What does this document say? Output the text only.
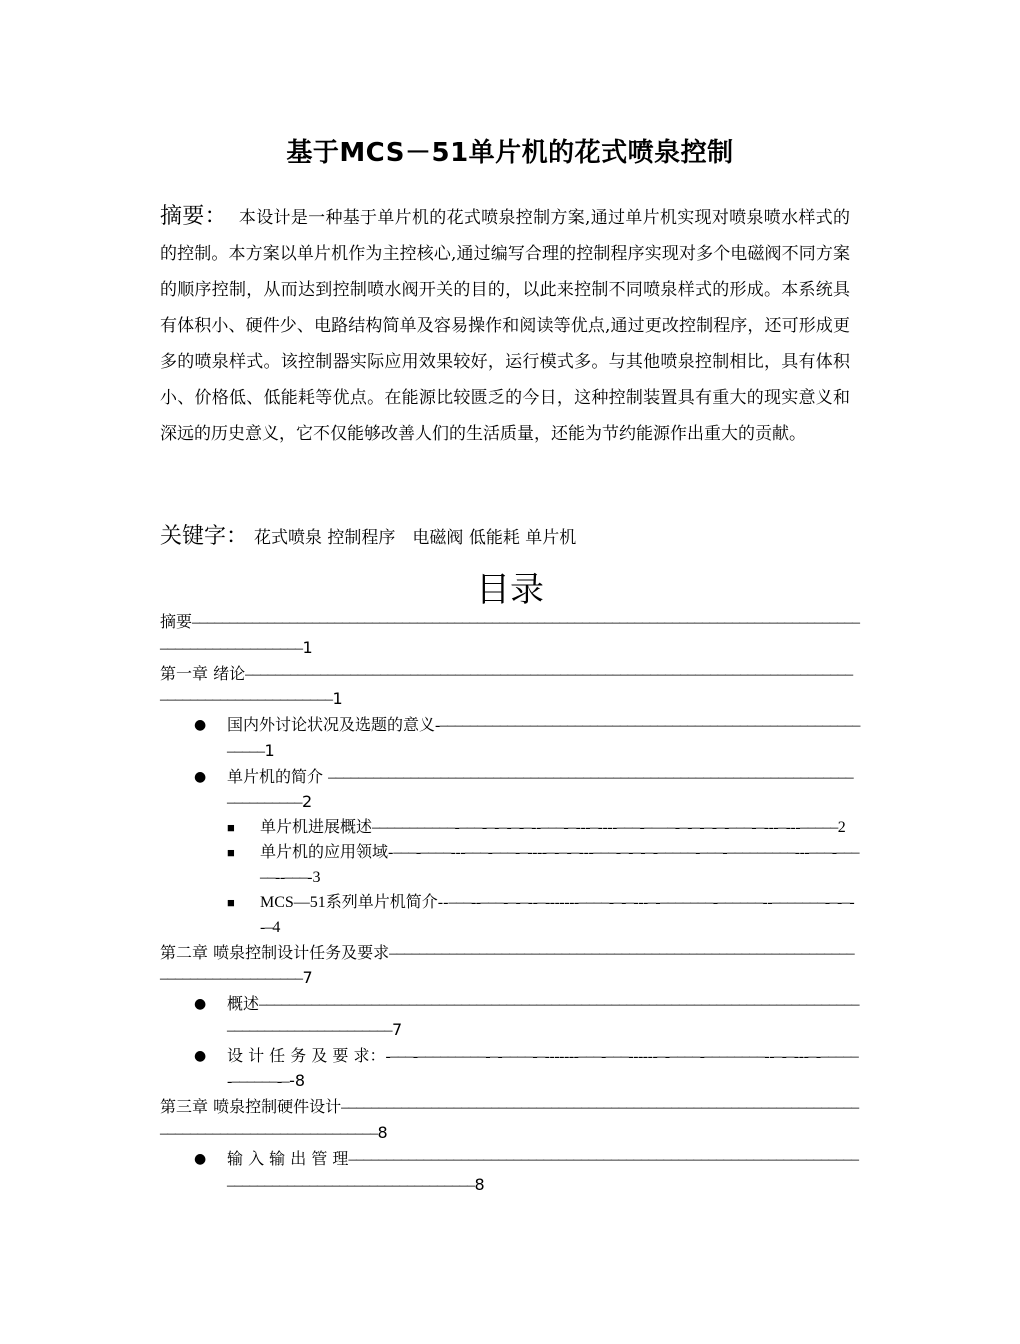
基于MCS－51单片机的花式喷泉控制
摘要： 本设计是一种基于单片机的花式喷泉控制方案,通过单片机实现对喷泉喷水样式的的控制。本方案以单片机作为主控核心,通过编写合理的控制程序实现对多个电磁阀不同方案的顺序控制，从而达到控制喷水阀开关的目的，以此来控制不同喷泉样式的形成。本系统具有体积小、硬件少、电路结构简单及容易操作和阅读等优点,通过更改控制程序，还可形成更多的喷泉样式。该控制器实际应用效果较好，运行模式多。与其他喷泉控制相比，具有体积小、价格低、低能耗等优点。在能源比较匮乏的今日，这种控制装置具有重大的现实意义和深远的历史意义，它不仅能够改善人们的生活质量，还能为节约能源作出重大的贡献。
关键字： 花式喷泉 控制程序　电磁阀 低能耗 单片机
目录
摘要––––––––––––––––––––––––––––––––––––––––––––––––––––––––––––––––––––––––––––––––––––––––––––––––––––––––––––1
第一章 绪论––––––––––––––––––––––––––––––––––––––––––––––––––––––––––––––––––––––––––––––––––––––––––––––––––––––––1
● 国内外讨论状况及选题的意义-–––––––––––––––––––––––––––––––––––––––––––––––––––––––––––––1
● 单片机的简介 ––––––––––––––––––––––––––––––––––––––––––––––––––––––––––––––––––––––––––––––––2
■ 单片机进展概述–––––––––––-–––-–-–-–-–--–––-–---–----–––-–—–-–-–-–-–-–––-–---–---–––––2
■ 单片机的应用领域-–––-––––---–––-–––-–----–-–-–---–––-–-–-–-–––––-–––-–––––––––---–––-–––––--–––-3
■ MCS—51系列单片机简介--–––--–––-–-–--–-------––––-–-–---–-–––––––-––––––--–––––––-–-–--–4
第二章 喷泉控制设计任务及要求–––––––––––––––––––––––––––––––––––––––––––––––––––––––––––––––––––––––––––––––––7
● 概述––––––––––––––––––––––––––––––––––––––––––––––––––––––––––––––––––––––––––––––––––––––––––––––––––––––7
● 设 计 任 务 及 要 求：-–––-–––––––––-–-––––-–-------–––-–––------–-––––-––––––––--–-–---–-–––––-––––––-–-8
第三章 喷泉控制硬件设计––––––––––––––––––––––––––––––––––––––––––––––––––––––––––––––––––––––––––––––––––––––––––––––––––8
● 输 入 输 出 管 理–––––––––––––––––––––––––––––––––––––––––––––––––––––––––––––––––––––––––––––––––––––––––––––––––––––8
